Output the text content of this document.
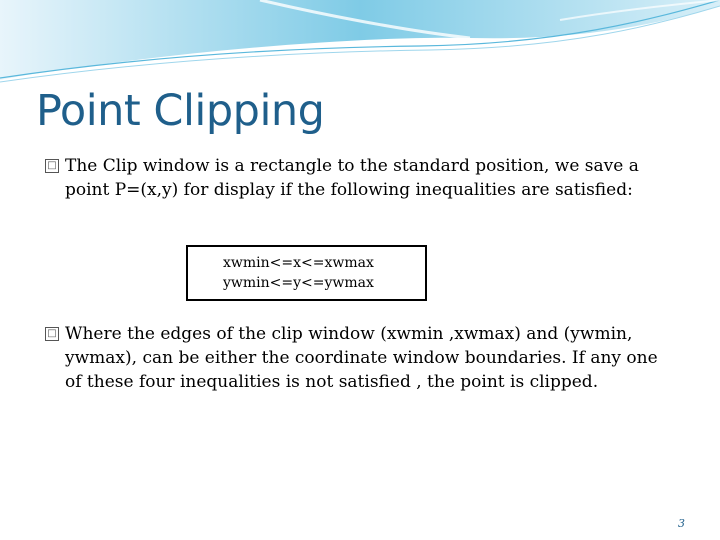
Point Clipping
□ The Clip window is a rectangle to the standard position, we save a point P=(x,y) for display if the following inequalities are satisfied:
xwmin<=x<=xwmax
ywmin<=y<=ywmax
□ Where the edges of the clip window (xwmin ,xwmax) and (ywmin, ywmax), can be either the coordinate window boundaries. If any one of these four inequalities is not satisfied , the point is clipped.
3
